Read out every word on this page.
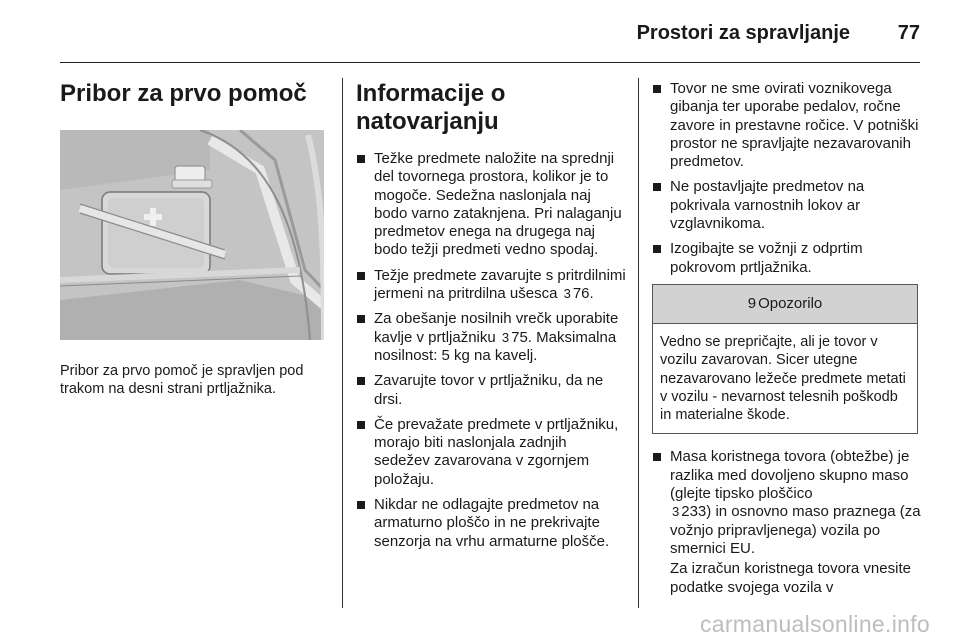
Prostori za spravljanje	77
Pribor za prvo pomoč
Pribor za prvo pomoč je spravljen pod trakom na desni strani prtljažnika.
Informacije o
natovarjanju
Težke predmete naložite na sprednji del tovornega prostora, kolikor je to mogoče. Sedežna naslonjala naj bodo varno zataknjena. Pri nalaganju predmetov enega na drugega naj bodo težji predmeti vedno spodaj.
Težje predmete zavarujte s pritrdilnimi jermeni na pritrdilna ušesca 3 76.
Za obešanje nosilnih vrečk uporabite kavlje v prtljažniku 3 75. Maksimalna nosilnost: 5 kg na kavelj.
Zavarujte tovor v prtljažniku, da ne drsi.
Če prevažate predmete v prtljažniku, morajo biti naslonjala zadnjih sedežev zavarovana v zgornjem položaju.
Nikdar ne odlagajte predmetov na armaturno ploščo in ne prekrivajte senzorja na vrhu armaturne plošče.
Tovor ne sme ovirati voznikovega gibanja ter uporabe pedalov, ročne zavore in prestavne ročice. V potniški prostor ne spravljajte nezavarovanih predmetov.
Ne postavljajte predmetov na pokrivala varnostnih lokov ar vzglavnikoma.
Izogibajte se vožnji z odprtim pokrovom prtljažnika.
9 Opozorilo
Vedno se prepričajte, ali je tovor v vozilu zavarovan. Sicer utegne nezavarovano ležeče predmete metati v vozilu - nevarnost telesnih poškodb in materialne škode.
Masa koristnega tovora (obtežbe) je razlika med dovoljeno skupno maso (glejte tipsko ploščico
3 233) in osnovno maso praznega (za vožnjo pripravljenega) vozila po smernici EU.
Za izračun koristnega tovora vnesite podatke svojega vozila v
carmanualsonline.info
